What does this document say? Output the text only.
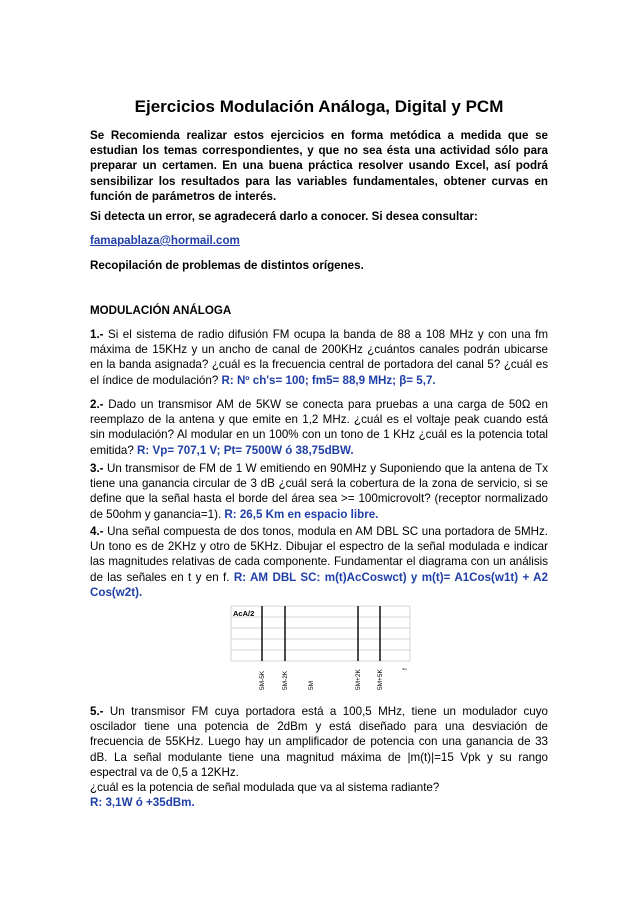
Ejercicios Modulación Análoga, Digital y PCM

Se Recomienda realizar estos ejercicios en forma metódica a medida que se estudian los temas correspondientes, y que no sea ésta una actividad sólo para preparar un certamen. En una buena práctica resolver usando Excel, así podrá sensibilizar los resultados para las variables fundamentales, obtener curvas en función de parámetros de interés.

Si detecta un error, se agradecerá darlo a conocer. Si desea consultar:

famapablaza@hormail.com

Recopilación de problemas de distintos orígenes.

MODULACIÓN ANÁLOGA

1.- Si el sistema de radio difusión FM ocupa la banda de 88 a 108 MHz y con una fm máxima de 15KHz y un ancho de canal de 200KHz ¿cuántos canales podrán ubicarse en la banda asignada? ¿cuál es la frecuencia central de portadora del canal 5? ¿cuál es el índice de modulación? R: Nº ch's= 100; fm5= 88,9 MHz; β= 5,7.

2.- Dado un transmisor AM de 5KW se conecta para pruebas a una carga de 50Ω en reemplazo de la antena y que emite en 1,2 MHz. ¿cuál es el voltaje peak cuando está sin modulación? Al modular en un 100% con un tono de 1 KHz ¿cuál es la potencia total emitida? R: Vp= 707,1 V; Pt= 7500W ó 38,75dBW.

3.- Un transmisor de FM de 1 W emitiendo en 90MHz y Suponiendo que la antena de Tx tiene una ganancia circular de 3 dB ¿cuál será la cobertura de la zona de servicio, si se define que la señal hasta el borde del área sea >= 100microvolt? (receptor normalizado de 50ohm y ganancia=1). R: 26,5 Km en espacio libre.

4.- Una señal compuesta de dos tonos, modula en AM DBL SC una portadora de 5MHz. Un tono es de 2KHz y otro de 5KHz. Dibujar el espectro de la señal modulada e indicar las magnitudes relativas de cada componente. Fundamentar el diagrama con un análisis de las señales en t y en f. R: AM DBL SC: m(t)AcCoswct) y m(t)= A1Cos(w1t) + A2 Cos(w2t).

AcA/2
5M-5K 5M-2K	5M	5M+2K 5M+5K
f

5.- Un transmisor FM cuya portadora está a 100,5 MHz, tiene un modulador cuyo oscilador tiene una potencia de 2dBm y está diseñado para una desviación de frecuencia de 55KHz. Luego hay un amplificador de potencia con una ganancia de 33 dB. La señal modulante tiene una magnitud máxima de |m(t)|=15 Vpk y su rango espectral va de 0,5 a 12KHz.
¿cuál es la potencia de señal modulada que va al sistema radiante?
R: 3,1W ó +35dBm.
